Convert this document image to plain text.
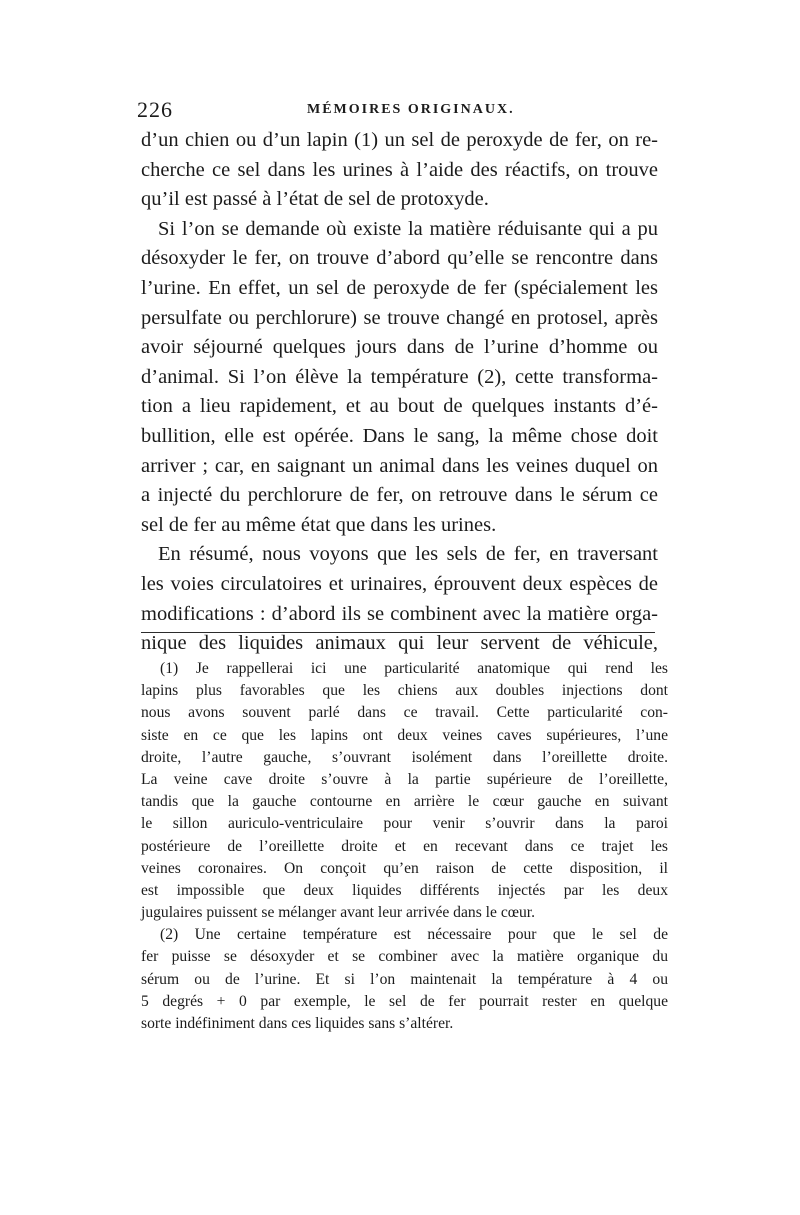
226	MÉMOIRES ORIGINAUX.
d’un chien ou d’un lapin (1) un sel de peroxyde de fer, on re-
cherche ce sel dans les urines à l’aide des réactifs, on trouve
qu’il est passé à l’état de sel de protoxyde.
Si l’on se demande où existe la matière réduisante qui a pu
désoxyder le fer, on trouve d’abord qu’elle se rencontre dans
l’urine. En effet, un sel de peroxyde de fer (spécialement les
persulfate ou perchlorure) se trouve changé en protosel, après
avoir séjourné quelques jours dans de l’urine d’homme ou
d’animal. Si l’on élève la température (2), cette transforma-
tion a lieu rapidement, et au bout de quelques instants d’é-
bullition, elle est opérée. Dans le sang, la même chose doit
arriver ; car, en saignant un animal dans les veines duquel on
a injecté du perchlorure de fer, on retrouve dans le sérum ce
sel de fer au même état que dans les urines.
En résumé, nous voyons que les sels de fer, en traversant
les voies circulatoires et urinaires, éprouvent deux espèces de
modifications : d’abord ils se combinent avec la matière orga-
nique des liquides animaux qui leur servent de véhicule,
(1) Je rappellerai ici une particularité anatomique qui rend les
lapins plus favorables que les chiens aux doubles injections dont
nous avons souvent parlé dans ce travail. Cette particularité con-
siste en ce que les lapins ont deux veines caves supérieures, l’une
droite, l’autre gauche, s’ouvrant isolément dans l’oreillette droite.
La veine cave droite s’ouvre à la partie supérieure de l’oreillette,
tandis que la gauche contourne en arrière le cœur gauche en suivant
le sillon auriculo-ventriculaire pour venir s’ouvrir dans la paroi
postérieure de l’oreillette droite et en recevant dans ce trajet les
veines coronaires. On conçoit qu’en raison de cette disposition, il
est impossible que deux liquides différents injectés par les deux
jugulaires puissent se mélanger avant leur arrivée dans le cœur.
(2) Une certaine température est nécessaire pour que le sel de
fer puisse se désoxyder et se combiner avec la matière organique du
sérum ou de l’urine. Et si l’on maintenait la température à 4 ou
5 degrés + 0 par exemple, le sel de fer pourrait rester en quelque
sorte indéfiniment dans ces liquides sans s’altérer.
